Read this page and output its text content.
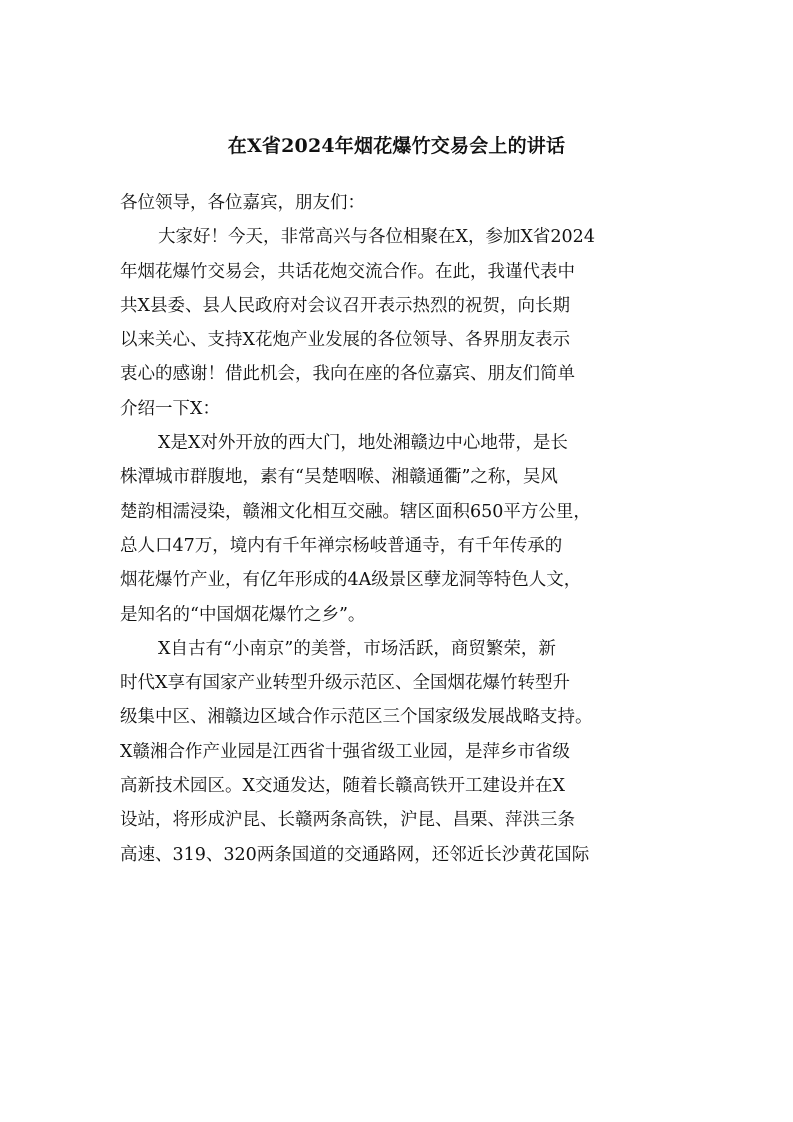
在X省2024年烟花爆竹交易会上的讲话
各位领导，各位嘉宾，朋友们：
大家好！今天，非常高兴与各位相聚在X，参加X省2024
年烟花爆竹交易会，共话花炮交流合作。在此，我谨代表中
共X县委、县人民政府对会议召开表示热烈的祝贺，向长期
以来关心、支持X花炮产业发展的各位领导、各界朋友表示
衷心的感谢！借此机会，我向在座的各位嘉宾、朋友们简单
介绍一下X：
X是X对外开放的西大门，地处湘赣边中心地带，是长
株潭城市群腹地，素有“吴楚咽喉、湘赣通衢”之称，吴风
楚韵相濡浸染，赣湘文化相互交融。辖区面积650平方公里，
总人口47万，境内有千年禅宗杨岐普通寺，有千年传承的
烟花爆竹产业，有亿年形成的4A级景区孽龙洞等特色人文，
是知名的“中国烟花爆竹之乡”。
X自古有“小南京”的美誉，市场活跃，商贸繁荣，新
时代X享有国家产业转型升级示范区、全国烟花爆竹转型升
级集中区、湘赣边区域合作示范区三个国家级发展战略支持。
X赣湘合作产业园是江西省十强省级工业园，是萍乡市省级
高新技术园区。X交通发达，随着长赣高铁开工建设并在X
设站，将形成沪昆、长赣两条高铁，沪昆、昌栗、萍洪三条
高速、319、320两条国道的交通路网，还邻近长沙黄花国际
